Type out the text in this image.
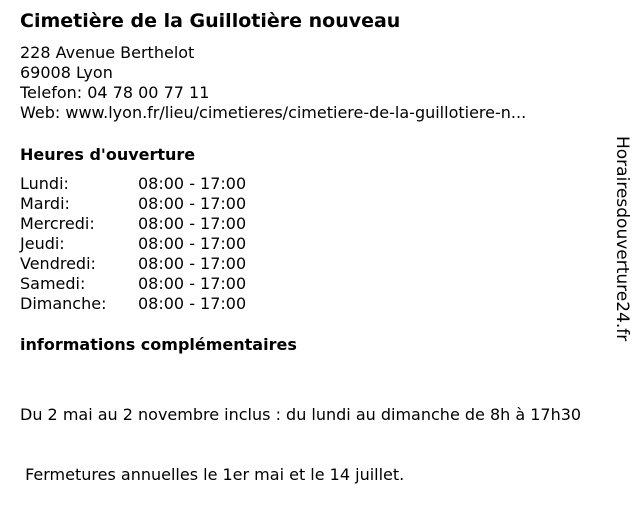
Cimetière de la Guillotière nouveau
228 Avenue Berthelot
69008 Lyon
Telefon: 04 78 00 77 11
Web: www.lyon.fr/lieu/cimetieres/cimetiere-de-la-guillotiere-n...
Heures d'ouverture
Lundi:	08:00 - 17:00
Mardi:	08:00 - 17:00
Mercredi:	08:00 - 17:00
Jeudi:	08:00 - 17:00
Vendredi:	08:00 - 17:00
Samedi:	08:00 - 17:00
Dimanche:	08:00 - 17:00
informations complémentaires

Du 2 mai au 2 novembre inclus : du lundi au dimanche de 8h à 17h30

Fermetures annuelles le 1er mai et le 14 juillet.

Horairesdouverture24.fr
